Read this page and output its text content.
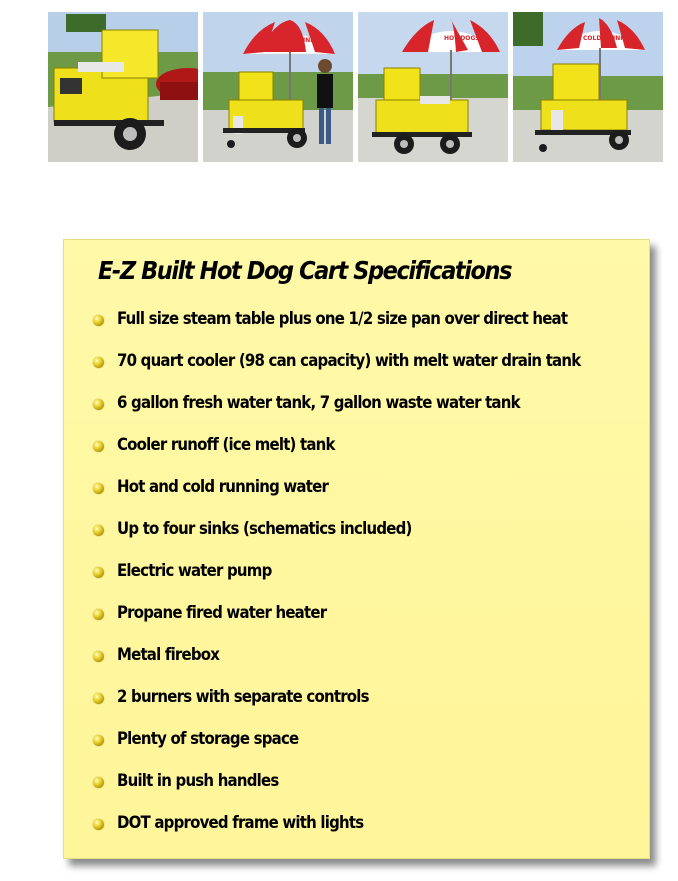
COLD DRINKS	HOT DOGS	COLD DRINKS
E-Z Built Hot Dog Cart Specifications
Full size steam table plus one 1/2 size pan over direct heat
70 quart cooler (98 can capacity) with melt water drain tank
6 gallon fresh water tank, 7 gallon waste water tank
Cooler runoff (ice melt) tank
Hot and cold running water
Up to four sinks (schematics included)
Electric water pump
Propane fired water heater
Metal firebox
2 burners with separate controls
Plenty of storage space
Built in push handles
DOT approved frame with lights
